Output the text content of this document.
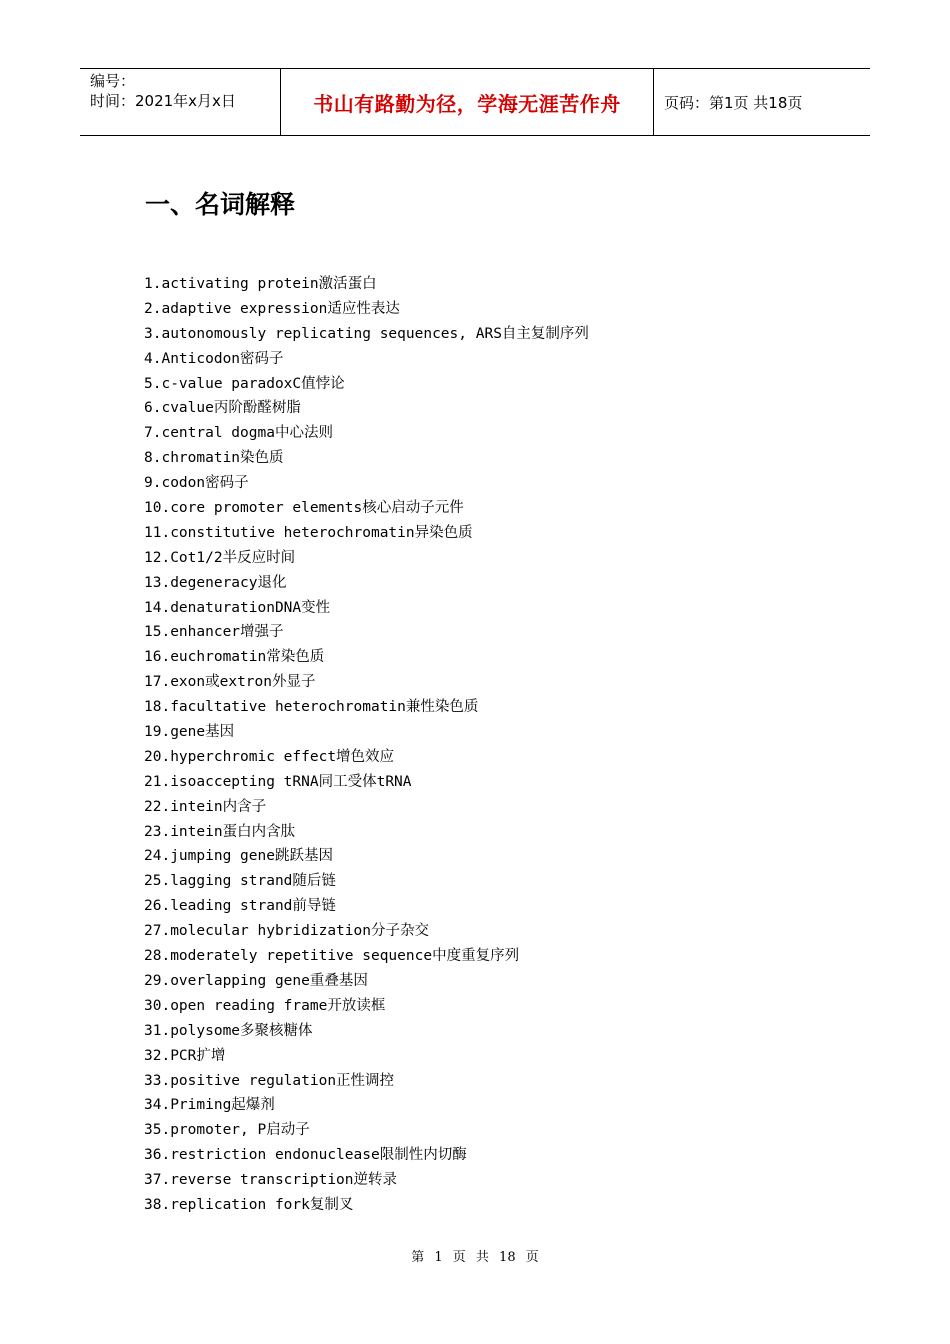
编号：
时间：2021年x月x日	书山有路勤为径，学海无涯苦作舟	页码：第1页 共18页
一、名词解释
1.activating protein激活蛋白
2.adaptive expression适应性表达
3.autonomously replicating sequences, ARS自主复制序列
4.Anticodon密码子
5.c-value paradoxC值悖论
6.cvalue丙阶酚醛树脂
7.central dogma中心法则
8.chromatin染色质
9.codon密码子
10.core promoter elements核心启动子元件
11.constitutive heterochromatin异染色质
12.Cot1/2半反应时间
13.degeneracy退化
14.denaturationDNA变性
15.enhancer增强子
16.euchromatin常染色质
17.exon或extron外显子
18.facultative heterochromatin兼性染色质
19.gene基因
20.hyperchromic effect增色效应
21.isoaccepting tRNA同工受体tRNA
22.intein内含子
23.intein蛋白内含肽
24.jumping gene跳跃基因
25.lagging strand随后链
26.leading strand前导链
27.molecular hybridization分子杂交
28.moderately repetitive sequence中度重复序列
29.overlapping gene重叠基因
30.open reading frame开放读框
31.polysome多聚核糖体
32.PCR扩增
33.positive regulation正性调控
34.Priming起爆剂
35.promoter, P启动子
36.restriction endonuclease限制性内切酶
37.reverse transcription逆转录
38.replication fork复制叉
第 1 页 共 18 页
